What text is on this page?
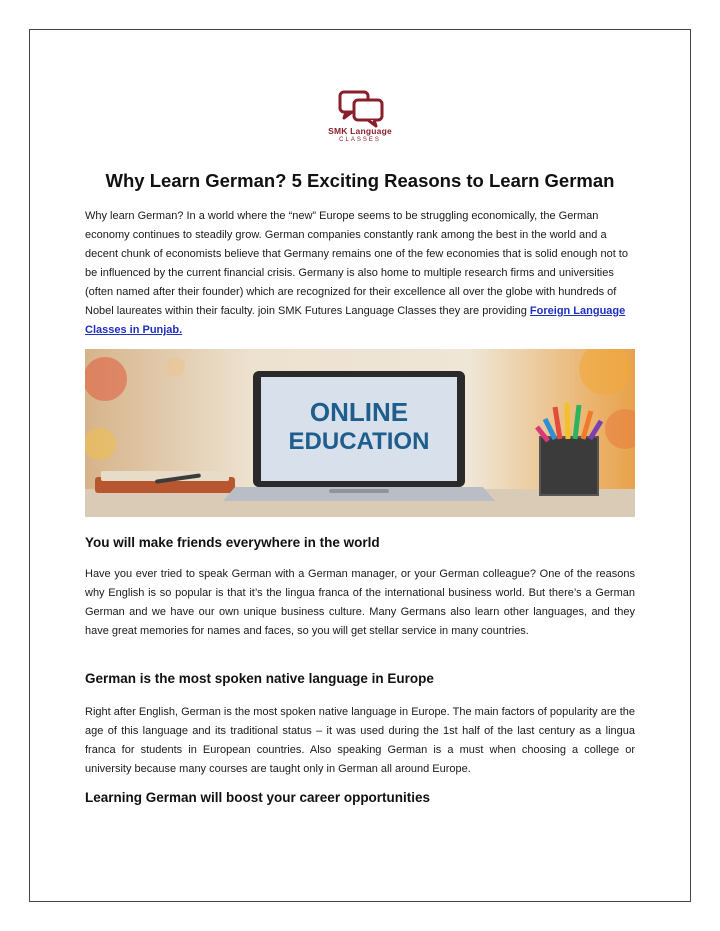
SMK Language
CLASSES
Why Learn German? 5 Exciting Reasons to Learn German

Why learn German? In a world where the “new” Europe seems to be struggling economically, the German economy continues to steadily grow. German companies constantly rank among the best in the world and a decent chunk of economists believe that Germany remains one of the few economies that is solid enough not to be influenced by the current financial crisis. Germany is also home to multiple research firms and universities (often named after their founder) which are recognized for their excellence all over the globe with hundreds of Nobel laureates within their faculty. join SMK Futures Language Classes they are providing Foreign Language Classes in Punjab.

ONLINE
EDUCATION
You will make friends everywhere in the world

Have you ever tried to speak German with a German manager, or your German colleague? One of the reasons why English is so popular is that it’s the lingua franca of the international business world. But there’s a German German and we have our own unique business culture. Many Germans also learn other languages, and they have great memories for names and faces, so you will get stellar service in many countries.

German is the most spoken native language in Europe

Right after English, German is the most spoken native language in Europe. The main factors of popularity are the age of this language and its traditional status – it was used during the 1st half of the last century as a lingua franca for students in European countries. Also speaking German is a must when choosing a college or university because many courses are taught only in German all around Europe.

Learning German will boost your career opportunities
